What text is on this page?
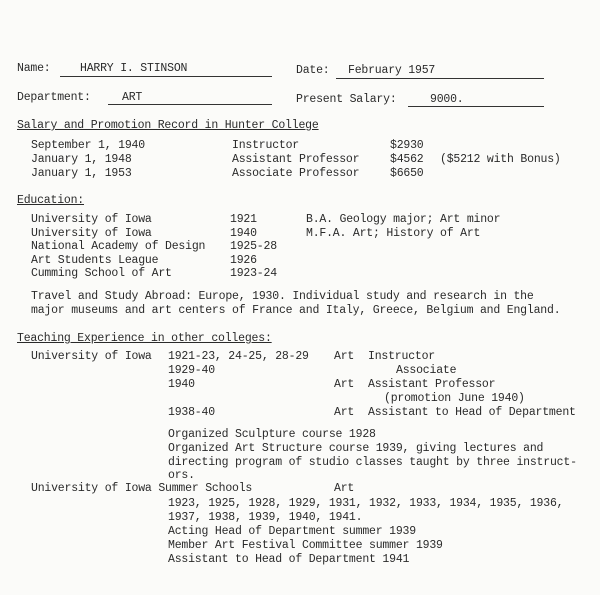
Name:	HARRY I. STINSON	Date: February 1957
Department:	ART	Present Salary:	9000.
Salary and Promotion Record in Hunter College
September 1, 1940	Instructor	$2930
January 1, 1948	Assistant Professor	$4562 ($5212 with Bonus)
January 1, 1953	Associate Professor	$6650
Education:
University of Iowa	1921	B.A. Geology major; Art minor
University of Iowa	1940	M.F.A. Art; History of Art
National Academy of Design 1925-28
Art Students League	1926
Cumming School of Art	1923-24
Travel and Study Abroad: Europe, 1930. Individual study and research in the
major museums and art centers of France and Italy, Greece, Belgium and England.
Teaching Experience in other colleges:
University of Iowa 1921-23, 24-25, 28-29 Art Instructor
1929-40	Associate
1940	Art Assistant Professor
(promotion June 1940)
1938-40	Art Assistant to Head of Department
Organized Sculpture course 1928
Organized Art Structure course 1939, giving lectures and
directing program of studio classes taught by three instruct-
ors.
University of Iowa Summer Schools	Art
1923, 1925, 1928, 1929, 1931, 1932, 1933, 1934, 1935, 1936,
1937, 1938, 1939, 1940, 1941.
Acting Head of Department summer 1939
Member Art Festival Committee summer 1939
Assistant to Head of Department 1941
